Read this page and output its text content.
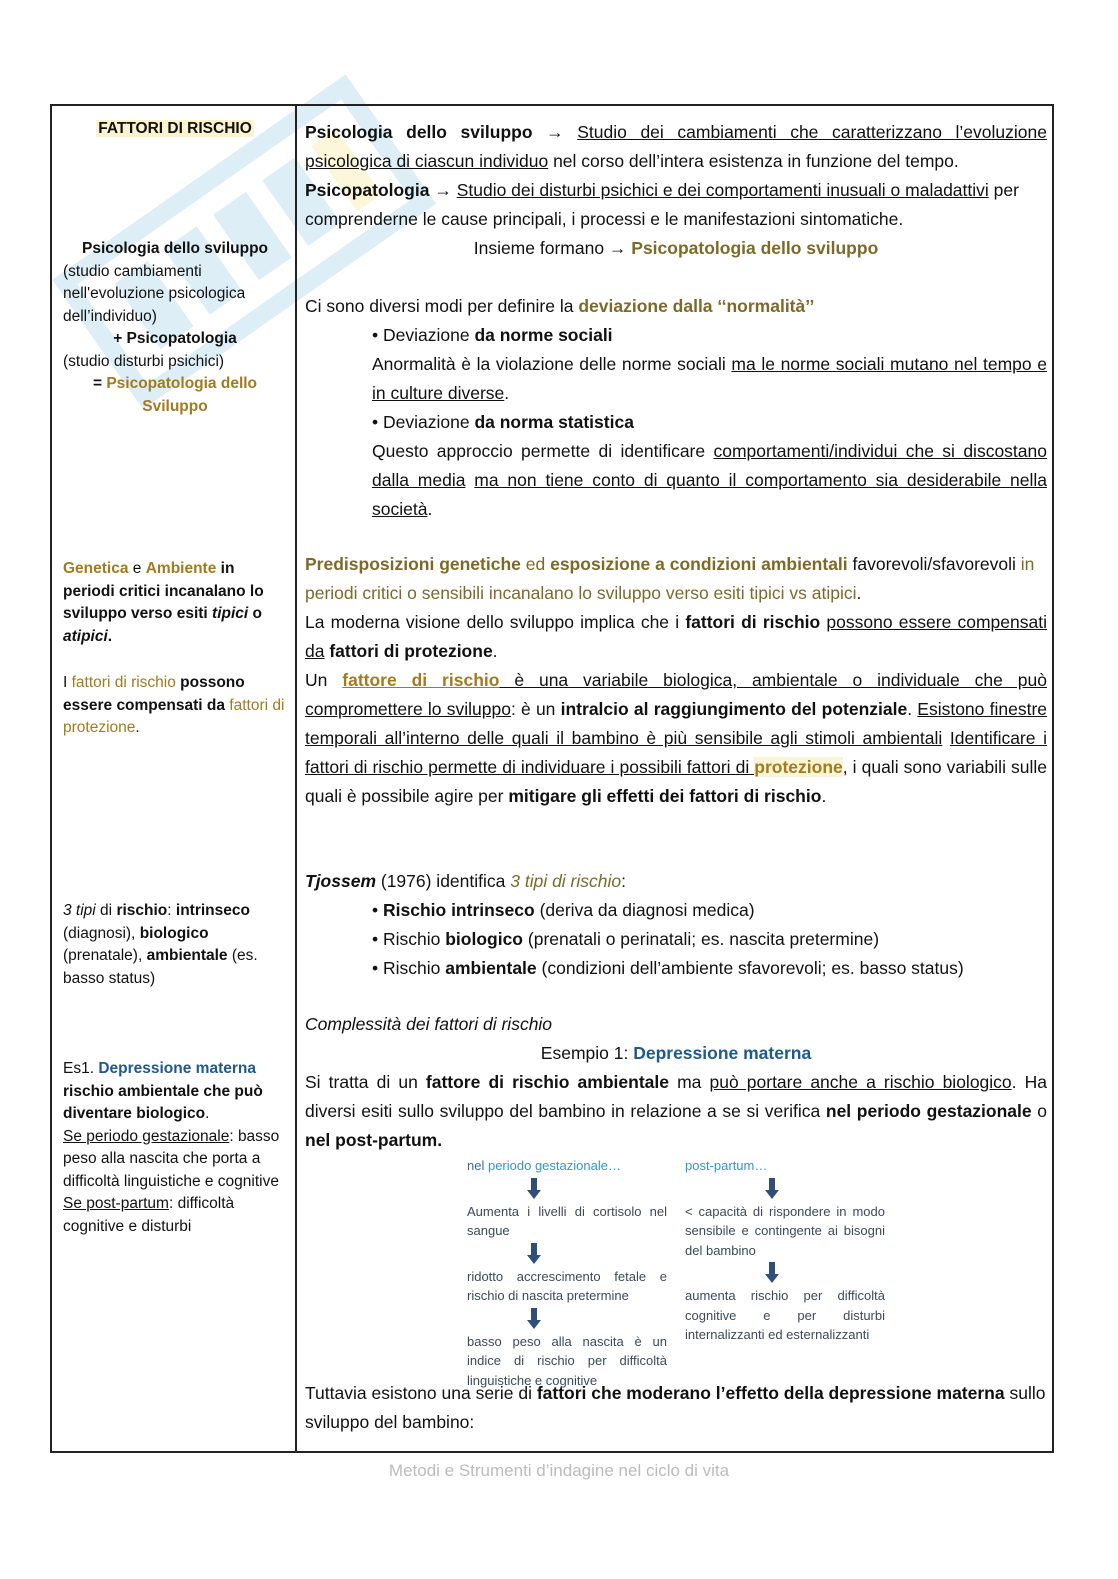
FATTORI DI RISCHIO

Psicologia dello sviluppo

(studio cambiamenti nell'evoluzione psicologica dell’individuo)

+ Psicopatologia

(studio disturbi psichici)

= Psicopatologia dello Sviluppo

Genetica e Ambiente in periodi critici incanalano lo sviluppo verso esiti tipici o atipici.
I fattori di rischio possono essere compensati da fattori di protezione.
3 tipi di rischio: intrinseco (diagnosi), biologico (prenatale), ambientale (es. basso status)

Es1. Depressione materna

rischio ambientale che può diventare biologico.

Se periodo gestazionale: basso peso alla nascita che porta a difficoltà linguistiche e cognitive

Se post-partum: difficoltà cognitive e disturbi

Psicologia dello sviluppo → Studio dei cambiamenti che caratterizzano l’evoluzione psicologica di ciascun individuo nel corso dell’intera esistenza in funzione del tempo.
Psicopatologia → Studio dei disturbi psichici e dei comportamenti inusuali o maladattivi per comprenderne le cause principali, i processi e le manifestazioni sintomatiche.
Insieme formano → Psicopatologia dello sviluppo
Ci sono diversi modi per definire la deviazione dalla ‘‘normalità’’

• Deviazione da norme sociali

Anormalità è la violazione delle norme sociali ma le norme sociali mutano nel tempo e in culture diverse.

• Deviazione da norma statistica

Questo approccio permette di identificare comportamenti/individui che si discostano dalla media ma non tiene conto di quanto il comportamento sia desiderabile nella società.

Predisposizioni genetiche ed esposizione a condizioni ambientali favorevoli/sfavorevoli in periodi critici o sensibili incanalano lo sviluppo verso esiti tipici vs atipici.
La moderna visione dello sviluppo implica che i fattori di rischio possono essere compensati da fattori di protezione.
Un fattore di rischio è una variabile biologica, ambientale o individuale che può compromettere lo sviluppo: è un intralcio al raggiungimento del potenziale. Esistono finestre temporali all’interno delle quali il bambino è più sensibile agli stimoli ambientali Identificare i fattori di rischio permette di individuare i possibili fattori di protezione, i quali sono variabili sulle quali è possibile agire per mitigare gli effetti dei fattori di rischio.
Tjossem (1976) identifica 3 tipi di rischio:

• Rischio intrinseco (deriva da diagnosi medica)

• Rischio biologico (prenatali o perinatali; es. nascita pretermine)

• Rischio ambientale (condizioni dell’ambiente sfavorevoli; es. basso status)

Complessità dei fattori di rischio
Esempio 1: Depressione materna
Si tratta di un fattore di rischio ambientale ma può portare anche a rischio biologico. Ha diversi esiti sullo sviluppo del bambino in relazione a se si verifica nel periodo gestazionale o nel post-partum.
nel periodo gestazionale…
Aumenta i livelli di cortisolo nel sangue
ridotto accrescimento fetale e rischio di nascita pretermine
basso peso alla nascita è un indice di rischio per difficoltà linguistiche e cognitive
post-partum…
< capacità di rispondere in modo sensibile e contingente ai bisogni del bambino
aumenta rischio per difficoltà cognitive e per disturbi internalizzanti ed esternalizzanti
Tuttavia esistono una serie di fattori che moderano l’effetto della depressione materna sullo sviluppo del bambino:
Metodi e Strumenti d’indagine nel ciclo di vita
